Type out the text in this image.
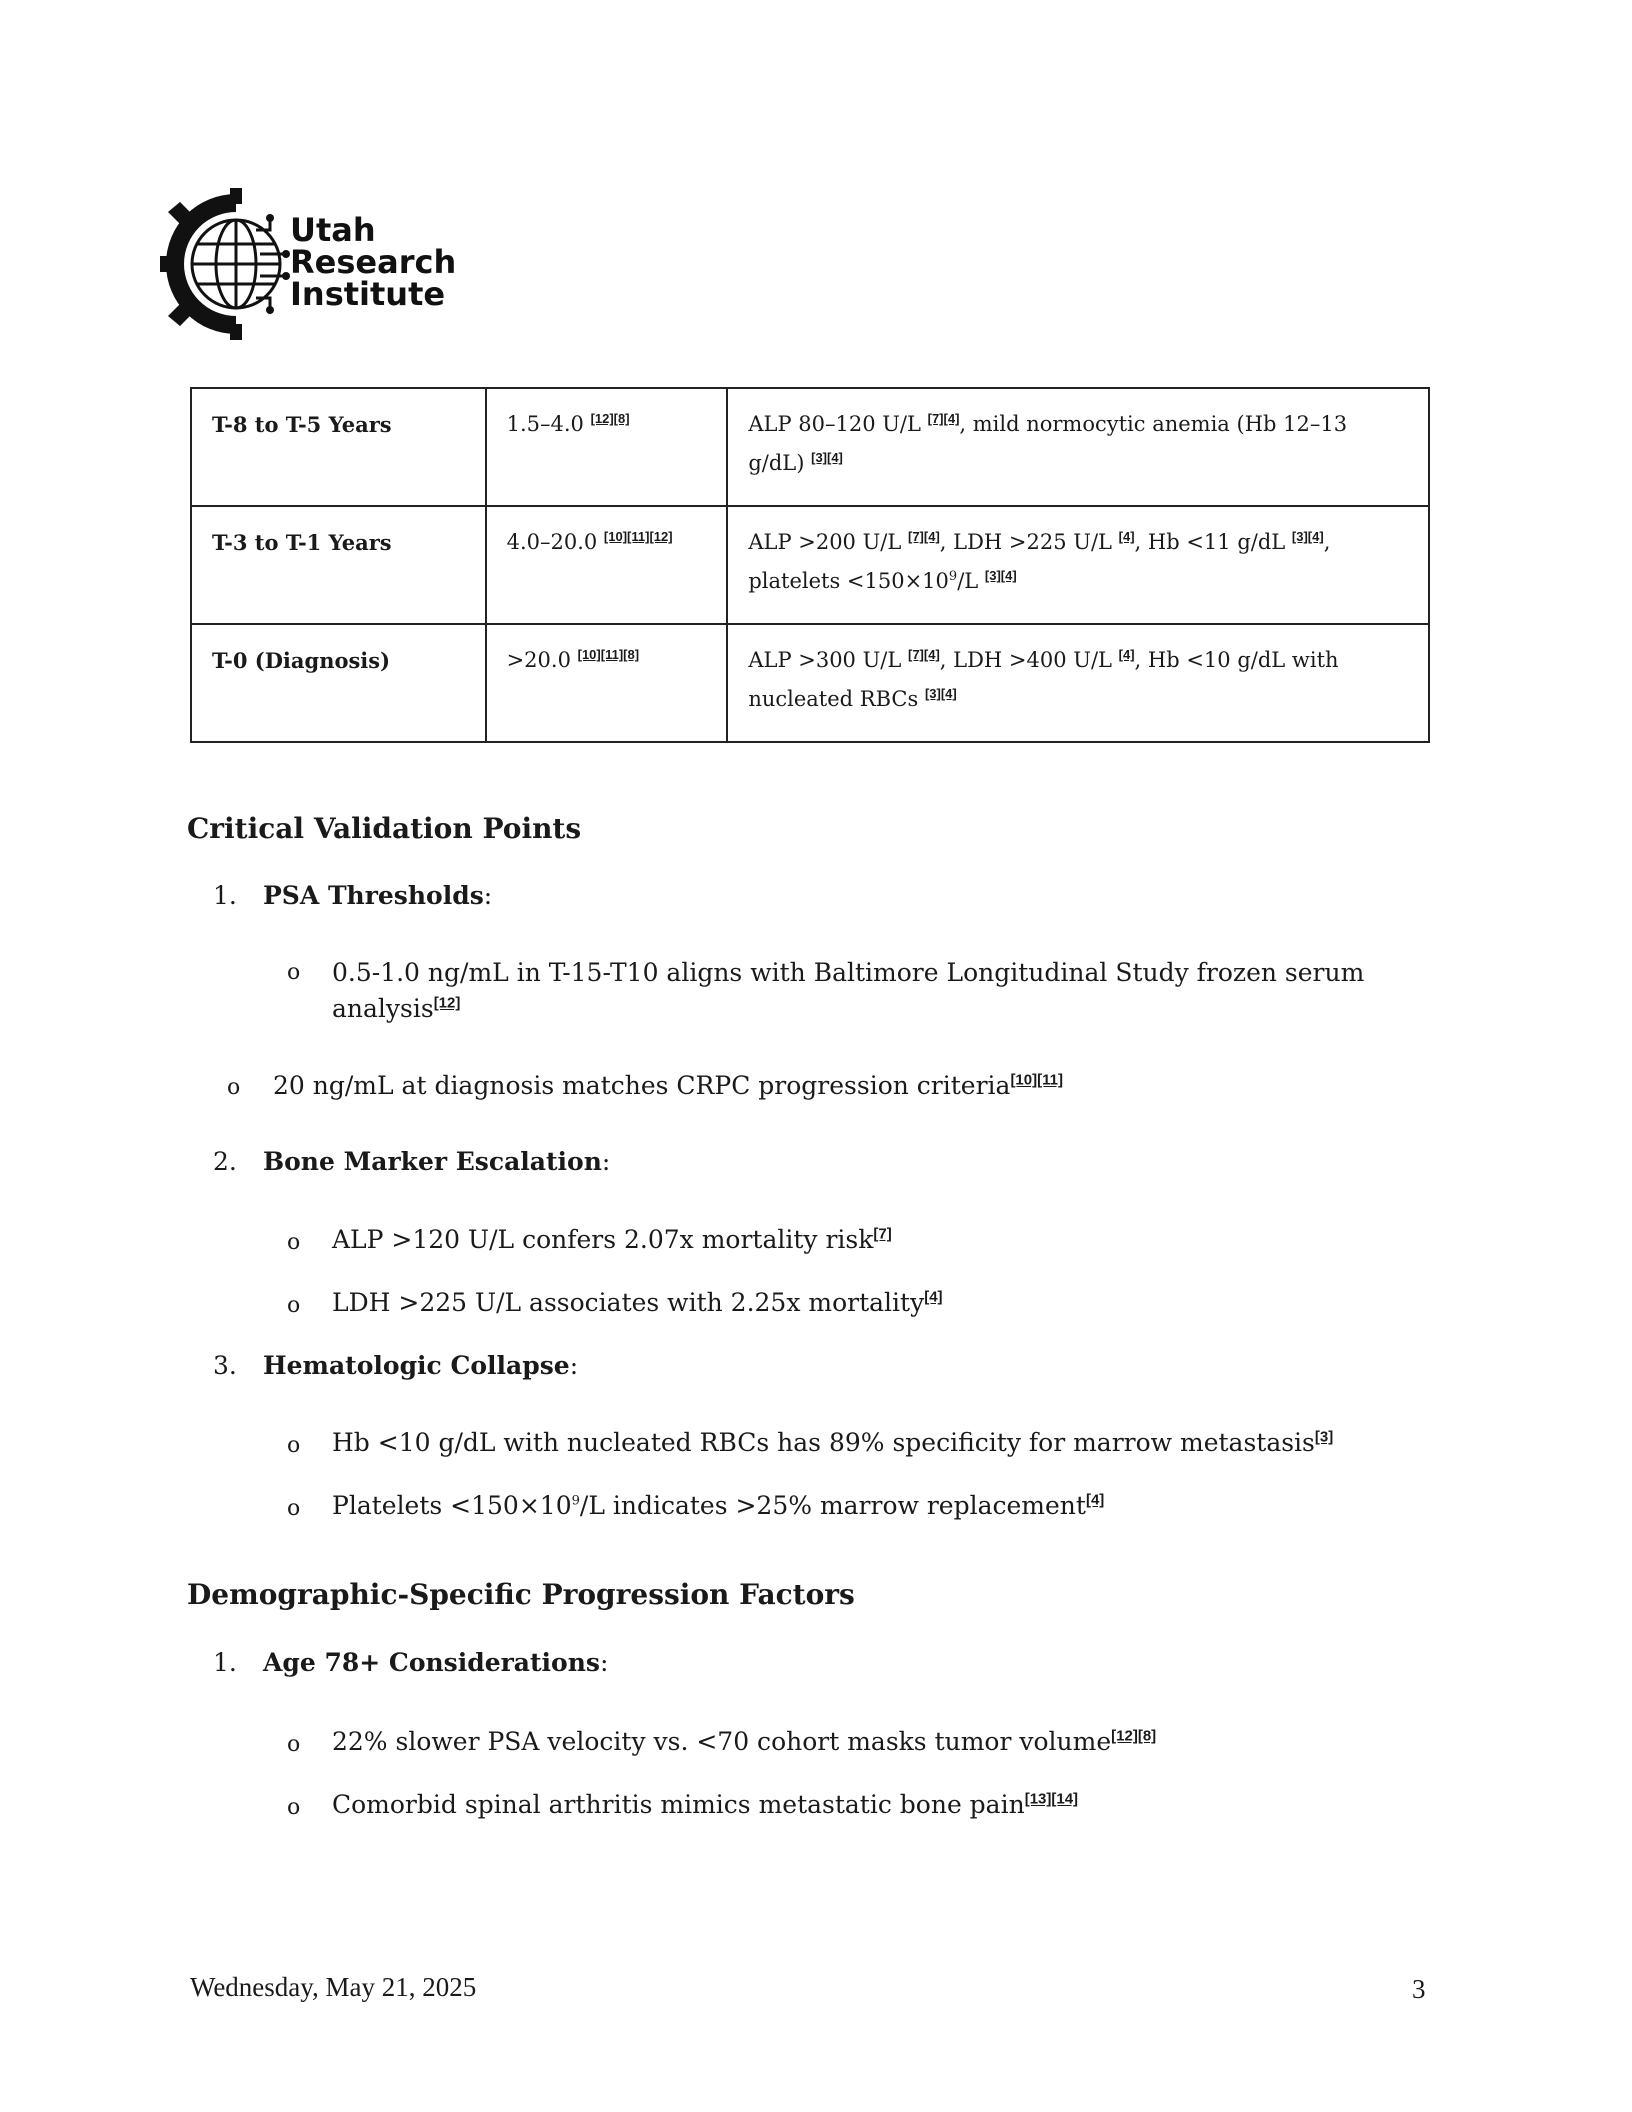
Utah
Research
Institute
T-8 to T-5 Years	1.5–4.0 [12][8]	ALP 80–120 U/L [7][4], mild normocytic anemia (Hb 12–13 g/dL) [3][4]
T-3 to T-1 Years	4.0–20.0 [10][11][12]	ALP >200 U/L [7][4], LDH >225 U/L [4], Hb <11 g/dL [3][4], platelets $<150\times 10^9/L$ [3][4]
T-0 (Diagnosis)	>20.0 [10][11][8]	ALP >300 U/L [7][4], LDH >400 U/L [4], Hb <10 g/dL with nucleated RBCs [3][4]
Critical Validation Points
1. PSA Thresholds:
o 0.5-1.0 ng/mL in T-15-T10 aligns with Baltimore Longitudinal Study frozen serum
analysis[12]
o 20 ng/mL at diagnosis matches CRPC progression criteria[10][11]
2. Bone Marker Escalation:
o ALP >120 U/L confers 2.07x mortality risk[7]
o LDH >225 U/L associates with 2.25x mortality[4]
3. Hematologic Collapse:
o Hb <10 g/dL with nucleated RBCs has 89% specificity for marrow metastasis[3]
o Platelets $<150\times 10^9/L$ indicates >25% marrow replacement[4]
Demographic-Specific Progression Factors
1. Age 78+ Considerations:
o 22% slower PSA velocity vs. <70 cohort masks tumor volume[12][8]
o Comorbid spinal arthritis mimics metastatic bone pain[13][14]
Wednesday, May 21, 2025	3
